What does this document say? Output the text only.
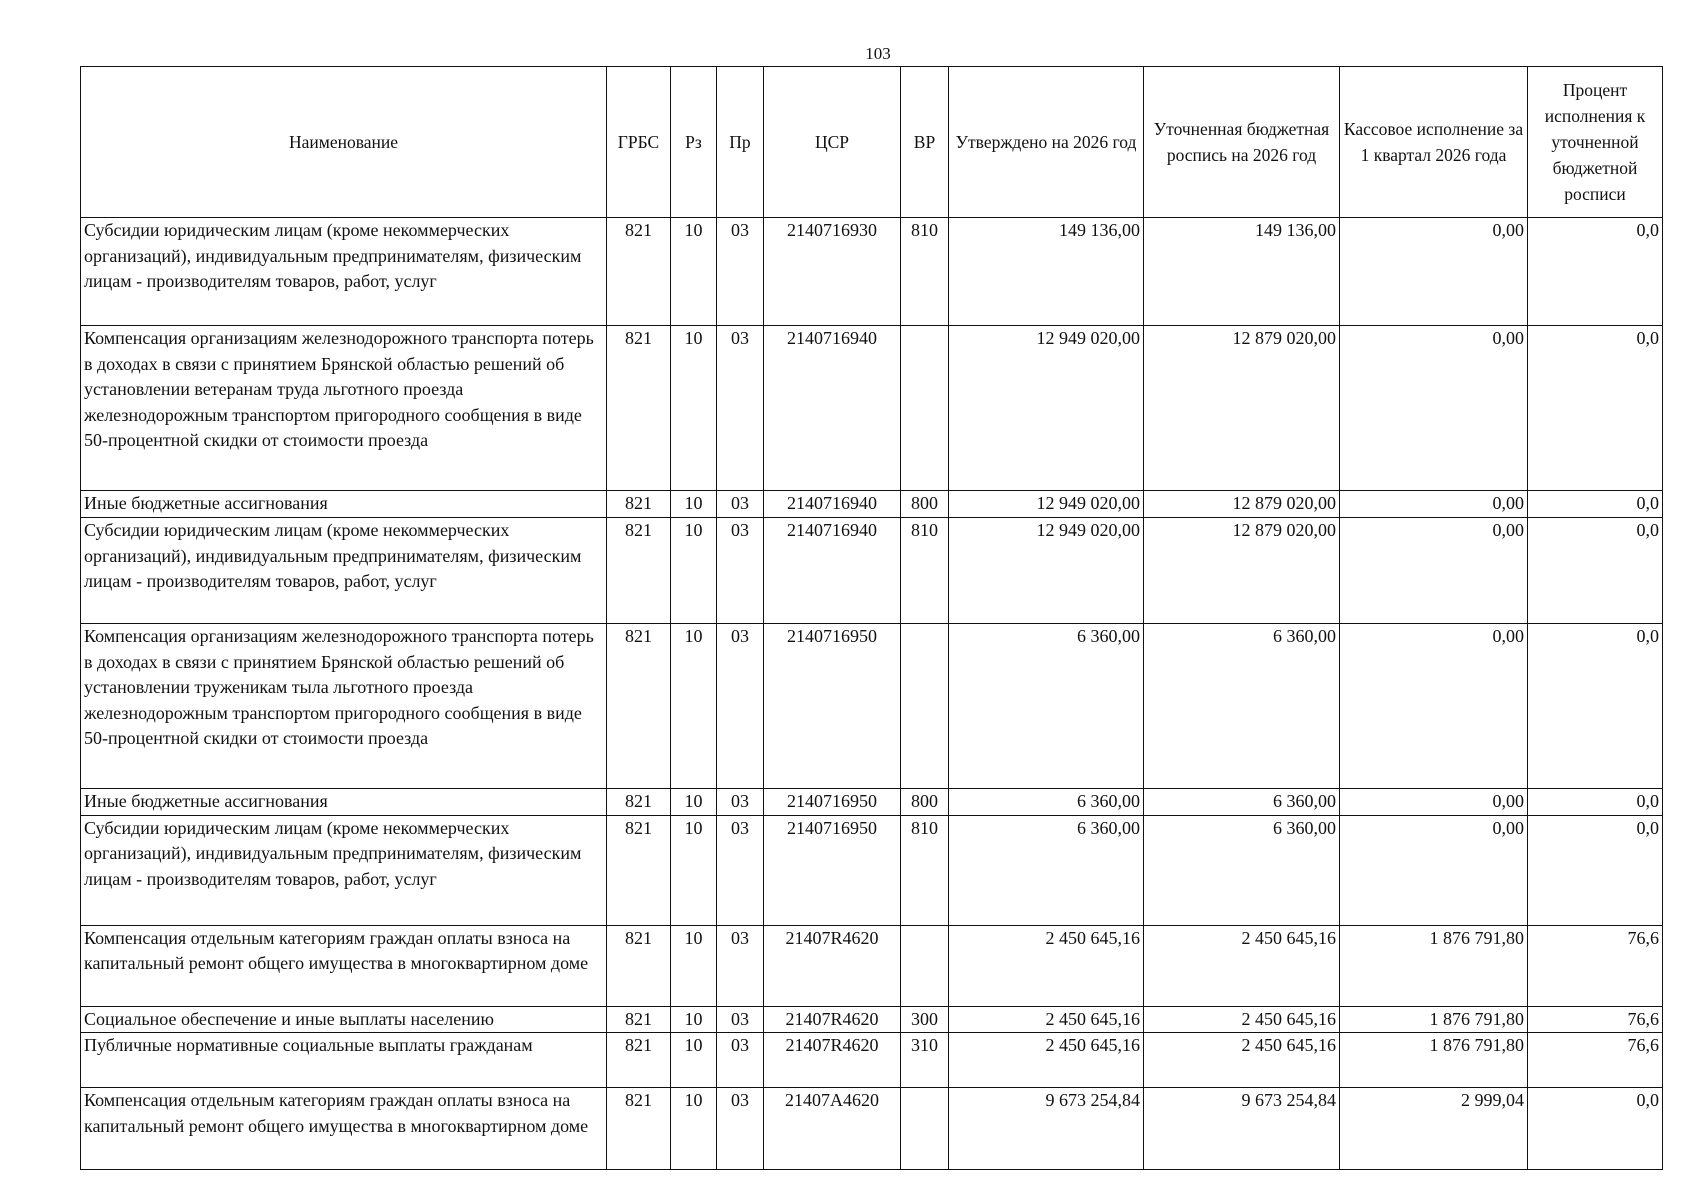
103
Наименование	ГРБС	Рз	Пр	ЦСР	ВР	Утверждено на 2026 год	Уточненная бюджетная роспись на 2026 год	Кассовое исполнение за 1 квартал 2026 года	Процент исполнения к уточненной бюджетной росписи
Субсидии юридическим лицам (кроме некоммерческих организаций), индивидуальным предпринимателям, физическим лицам - производителям товаров, работ, услуг	821	10	03	2140716930	810	149 136,00	149 136,00	0,00	0,0
Компенсация организациям железнодорожного транспорта потерь в доходах в связи с принятием Брянской областью решений об установлении ветеранам труда льготного проезда железнодорожным транспортом пригородного сообщения в виде 50-процентной скидки от стоимости проезда	821	10	03	2140716940		12 949 020,00	12 879 020,00	0,00	0,0
Иные бюджетные ассигнования	821	10	03	2140716940	800	12 949 020,00	12 879 020,00	0,00	0,0
Субсидии юридическим лицам (кроме некоммерческих организаций), индивидуальным предпринимателям, физическим лицам - производителям товаров, работ, услуг	821	10	03	2140716940	810	12 949 020,00	12 879 020,00	0,00	0,0
Компенсация организациям железнодорожного транспорта потерь в доходах в связи с принятием Брянской областью решений об установлении труженикам тыла льготного проезда железнодорожным транспортом пригородного сообщения в виде 50-процентной скидки от стоимости проезда	821	10	03	2140716950		6 360,00	6 360,00	0,00	0,0
Иные бюджетные ассигнования	821	10	03	2140716950	800	6 360,00	6 360,00	0,00	0,0
Субсидии юридическим лицам (кроме некоммерческих организаций), индивидуальным предпринимателям, физическим лицам - производителям товаров, работ, услуг	821	10	03	2140716950	810	6 360,00	6 360,00	0,00	0,0
Компенсация отдельным категориям граждан оплаты взноса на капитальный ремонт общего имущества в многоквартирном доме	821	10	03	21407R4620		2 450 645,16	2 450 645,16	1 876 791,80	76,6
Социальное обеспечение и иные выплаты населению	821	10	03	21407R4620	300	2 450 645,16	2 450 645,16	1 876 791,80	76,6
Публичные нормативные социальные выплаты гражданам	821	10	03	21407R4620	310	2 450 645,16	2 450 645,16	1 876 791,80	76,6
Компенсация отдельным категориям граждан оплаты взноса на капитальный ремонт общего имущества в многоквартирном доме	821	10	03	21407A4620		9 673 254,84	9 673 254,84	2 999,04	0,0
